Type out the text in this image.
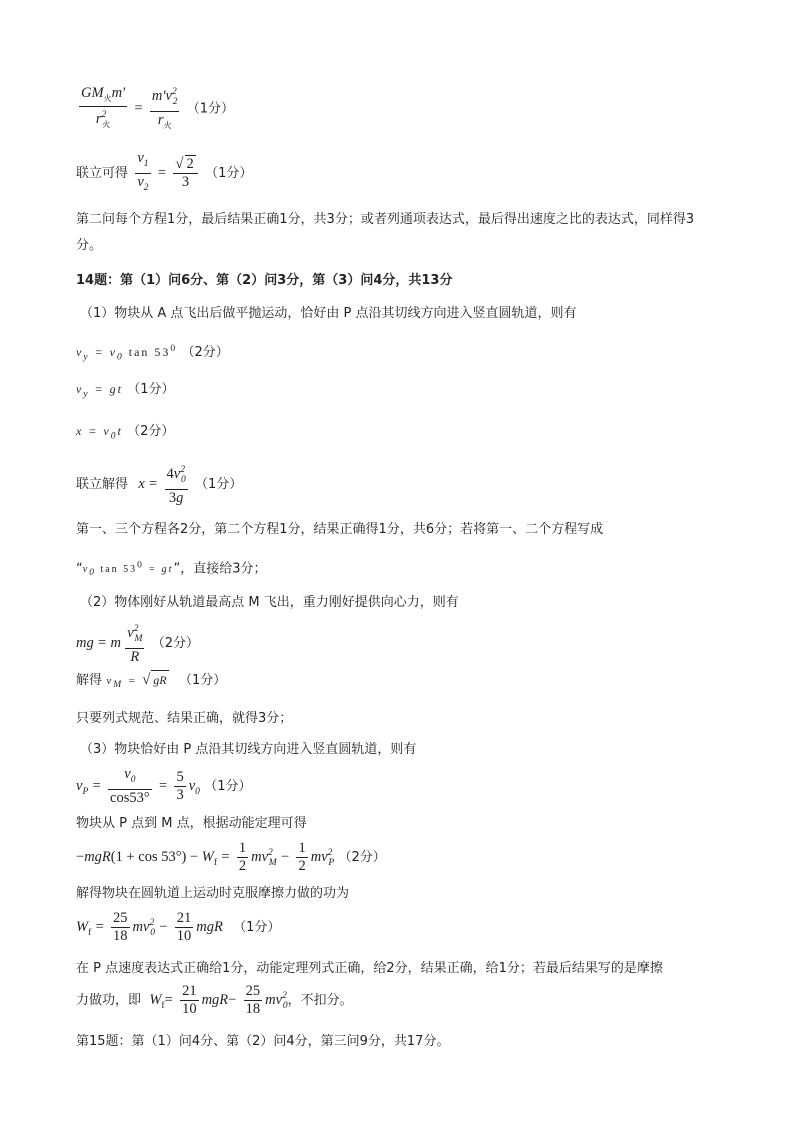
$\frac{GM_火m'}{r^2_火} = \frac{m'v^2_2}{r_火} (1$分）
联立可得 $\frac{v_1}{v_2} = \frac{√ 2}{3} (1$分）
第二问每个方程1分，最后结果正确1分，共3分；或者列通项表达式，最后得出速度之比的表达式，同样得3分。
14题：第（1）问6分、第（2）问3分，第（3）问4分，共13分
（1）物块从 A 点飞出后做平抛运动，恰好由 P 点沿其切线方向进入竖直圆轨道，则有
$v_y = v_0$ $\tan 53^0$ （2分）
$v_y$ = gt （1分）
$x = v_0t$ （2分）
联立解得 $x = \frac{4v^2_0}{3g} (1$分）
第一、三个方程各2分，第二个方程1分，结果正确得1分，共6分；若将第一、二个方程写成
“$v_0$ $\tan 53^0$ = gt”，直接给3分；
（2）物体刚好从轨道最高点 M 飞出，重力刚好提供向心力，则有
mg = m $\frac{v^2_M}{R} (2$分）
解得 $v_M$ = √ gR （1分）
只要列式规范、结果正确，就得3分；
（3）物块恰好由 P 点沿其切线方向进入竖直圆轨道，则有
$v_P = \frac{v_0}{\cos 53^\circ} = \frac{5}{3} v_0$ （1分）
物块从 P 点到 M 点，根据动能定理可得
$-mgR(1 + \cos 53^\circ) - W_f = \frac{1}{2} mv^2_M - \frac{1}{2} mv^2_P$ （2分）
解得物块在圆轨道上运动时克服摩擦力做的功为
$W_f = \frac{25}{18} mv^2_0 - \frac{21}{10}$ mgR （1分）
在 P 点速度表达式正确给1分，动能定理列式正确，给2分，结果正确，给1分；若最后结果写的是摩擦
力做功，即 $W_f= \frac{21}{10} mgR- \frac{25}{18} mv^2_0$，不扣分。
第15题：第（1）问4分、第（2）问4分，第三问9分，共17分。
